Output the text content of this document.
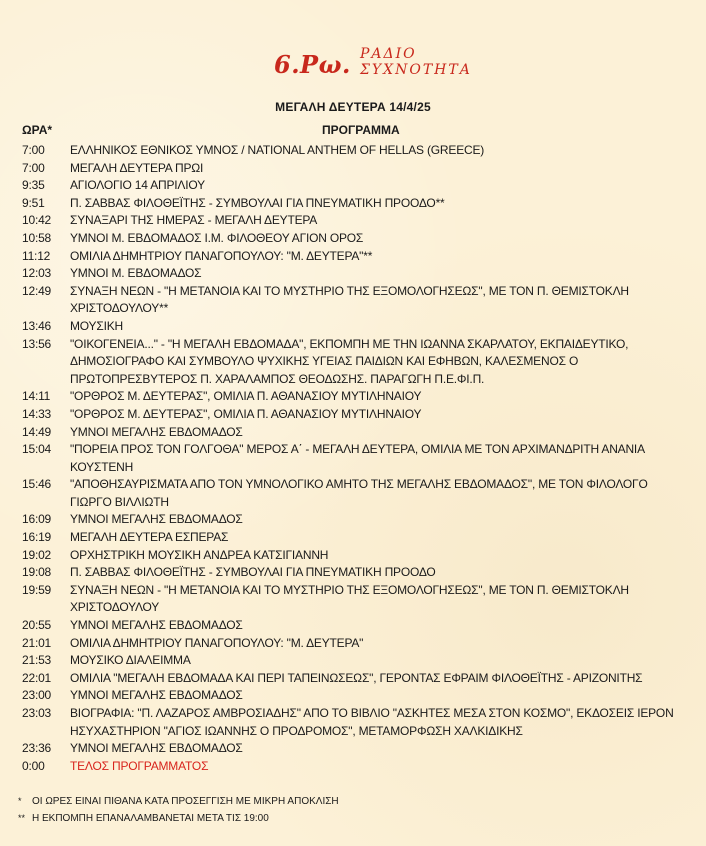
6.Ρω. ΡΑΔΙΟ
ΣΥΧΝΟΤΗΤΑ
ΜΕΓΑΛΗ ΔΕΥΤΕΡΑ 14/4/25
ΩΡΑ*	ΠΡΟΓΡΑΜΜΑ
7:00	ΕΛΛΗΝΙΚΟΣ ΕΘΝΙΚΟΣ ΥΜΝΟΣ / NATIONAL ANTHEM OF HELLAS (GREECE)
7:00	ΜΕΓΑΛΗ ΔΕΥΤΕΡΑ ΠΡΩΙ
9:35	ΑΓΙΟΛΟΓΙΟ 14 ΑΠΡΙΛΙΟΥ
9:51	Π. ΣΑΒΒΑΣ ΦΙΛΟΘΕΪΤΗΣ - ΣΥΜΒΟΥΛΑΙ ΓΙΑ ΠΝΕΥΜΑΤΙΚΗ ΠΡΟΟΔΟ**
10:42	ΣΥΝΑΞΑΡΙ ΤΗΣ ΗΜΕΡΑΣ - ΜΕΓΑΛΗ ΔΕΥΤΕΡΑ
10:58	ΥΜΝΟΙ Μ. ΕΒΔΟΜΑΔΟΣ Ι.Μ. ΦΙΛΟΘΕΟΥ ΑΓΙΟΝ ΟΡΟΣ
11:12	ΟΜΙΛΙΑ ΔΗΜΗΤΡΙΟΥ ΠΑΝΑΓΟΠΟΥΛΟΥ: "Μ. ΔΕΥΤΕΡΑ"**
12:03	ΥΜΝΟΙ Μ. ΕΒΔΟΜΑΔΟΣ
12:49	ΣΥΝΑΞΗ ΝΕΩΝ - "Η ΜΕΤΑΝΟΙΑ ΚΑΙ ΤΟ ΜΥΣΤΗΡΙΟ ΤΗΣ ΕΞΟΜΟΛΟΓΗΣΕΩΣ", ΜΕ ΤΟΝ Π. ΘΕΜΙΣΤΟΚΛΗ
ΧΡΙΣΤΟΔΟΥΛΟΥ**
13:46	ΜΟΥΣΙΚΗ
13:56	"ΟΙΚΟΓΕΝΕΙΑ..." - "Η ΜΕΓΑΛΗ ΕΒΔΟΜΑΔΑ", ΕΚΠΟΜΠΗ ΜΕ ΤΗΝ ΙΩΑΝΝΑ ΣΚΑΡΛΑΤΟΥ, ΕΚΠΑΙΔΕΥΤΙΚΟ,
ΔΗΜΟΣΙΟΓΡΑΦΟ ΚΑΙ ΣΥΜΒΟΥΛΟ ΨΥΧΙΚΗΣ ΥΓΕΙΑΣ ΠΑΙΔΙΩΝ ΚΑΙ ΕΦΗΒΩΝ, ΚΑΛΕΣΜΕΝΟΣ Ο
ΠΡΩΤΟΠΡΕΣΒΥΤΕΡΟΣ Π. ΧΑΡΑΛΑΜΠΟΣ ΘΕΟΔΩΣΗΣ. ΠΑΡΑΓΩΓΗ Π.Ε.ΦΙ.Π.
14:11	"ΟΡΘΡΟΣ Μ. ΔΕΥΤΕΡΑΣ", ΟΜΙΛΙΑ Π. ΑΘΑΝΑΣΙΟΥ ΜΥΤΙΛΗΝΑΙΟΥ
14:33	"ΟΡΘΡΟΣ Μ. ΔΕΥΤΕΡΑΣ", ΟΜΙΛΙΑ Π. ΑΘΑΝΑΣΙΟΥ ΜΥΤΙΛΗΝΑΙΟΥ
14:49	ΥΜΝΟΙ ΜΕΓΑΛΗΣ ΕΒΔΟΜΑΔΟΣ
15:04	"ΠΟΡΕΙΑ ΠΡΟΣ ΤΟΝ ΓΟΛΓΟΘΑ" ΜΕΡΟΣ Α΄ - ΜΕΓΑΛΗ ΔΕΥΤΕΡΑ, ΟΜΙΛΙΑ ΜΕ ΤΟΝ ΑΡΧΙΜΑΝΔΡΙΤΗ ΑΝΑΝΙΑ
ΚΟΥΣΤΕΝΗ
15:46	"ΑΠΟΘΗΣΑΥΡΙΣΜΑΤΑ ΑΠΟ ΤΟΝ ΥΜΝΟΛΟΓΙΚΟ ΑΜΗΤΟ ΤΗΣ ΜΕΓΑΛΗΣ ΕΒΔΟΜΑΔΟΣ", ΜΕ ΤΟΝ ΦΙΛΟΛΟΓΟ
ΓΙΩΡΓΟ ΒΙΛΛΙΩΤΗ
16:09	ΥΜΝΟΙ ΜΕΓΑΛΗΣ ΕΒΔΟΜΑΔΟΣ
16:19	ΜΕΓΑΛΗ ΔΕΥΤΕΡΑ ΕΣΠΕΡΑΣ
19:02	ΟΡΧΗΣΤΡΙΚΗ ΜΟΥΣΙΚΗ ΑΝΔΡΕΑ ΚΑΤΣΙΓΙΑΝΝΗ
19:08	Π. ΣΑΒΒΑΣ ΦΙΛΟΘΕΪΤΗΣ - ΣΥΜΒΟΥΛΑΙ ΓΙΑ ΠΝΕΥΜΑΤΙΚΗ ΠΡΟΟΔΟ
19:59	ΣΥΝΑΞΗ ΝΕΩΝ - "Η ΜΕΤΑΝΟΙΑ ΚΑΙ ΤΟ ΜΥΣΤΗΡΙΟ ΤΗΣ ΕΞΟΜΟΛΟΓΗΣΕΩΣ", ΜΕ ΤΟΝ Π. ΘΕΜΙΣΤΟΚΛΗ
ΧΡΙΣΤΟΔΟΥΛΟΥ
20:55	ΥΜΝΟΙ ΜΕΓΑΛΗΣ ΕΒΔΟΜΑΔΟΣ
21:01	ΟΜΙΛΙΑ ΔΗΜΗΤΡΙΟΥ ΠΑΝΑΓΟΠΟΥΛΟΥ: "Μ. ΔΕΥΤΕΡΑ"
21:53	ΜΟΥΣΙΚΟ ΔΙΑΛΕΙΜΜΑ
22:01	ΟΜΙΛΙΑ "ΜΕΓΑΛΗ ΕΒΔΟΜΑΔΑ ΚΑΙ ΠΕΡΙ ΤΑΠΕΙΝΩΣΕΩΣ", ΓΕΡΟΝΤΑΣ ΕΦΡΑΙΜ ΦΙΛΟΘΕΪΤΗΣ - ΑΡΙΖΟΝΙΤΗΣ
23:00	ΥΜΝΟΙ ΜΕΓΑΛΗΣ ΕΒΔΟΜΑΔΟΣ
23:03	ΒΙΟΓΡΑΦΙΑ: "Π. ΛΑΖΑΡΟΣ ΑΜΒΡΟΣΙΑΔΗΣ" ΑΠΟ ΤΟ ΒΙΒΛΙΟ "ΑΣΚΗΤΕΣ ΜΕΣΑ ΣΤΟΝ ΚΟΣΜΟ", ΕΚΔΟΣΕΙΣ ΙΕΡΟΝ
ΗΣΥΧΑΣΤΗΡΙΟΝ "ΑΓΙΟΣ ΙΩΑΝΝΗΣ Ο ΠΡΟΔΡΟΜΟΣ", ΜΕΤΑΜΟΡΦΩΣΗ ΧΑΛΚΙΔΙΚΗΣ
23:36	ΥΜΝΟΙ ΜΕΓΑΛΗΣ ΕΒΔΟΜΑΔΟΣ
0:00	ΤΕΛΟΣ ΠΡΟΓΡΑΜΜΑΤΟΣ
*	ΟΙ ΩΡΕΣ ΕΙΝΑΙ ΠΙΘΑΝΑ ΚΑΤΑ ΠΡΟΣΕΓΓΙΣΗ ΜΕ ΜΙΚΡΗ ΑΠΟΚΛΙΣΗ
** Η ΕΚΠΟΜΠΗ ΕΠΑΝΑΛΑΜΒΑΝΕΤΑΙ ΜΕΤΑ ΤΙΣ 19:00
